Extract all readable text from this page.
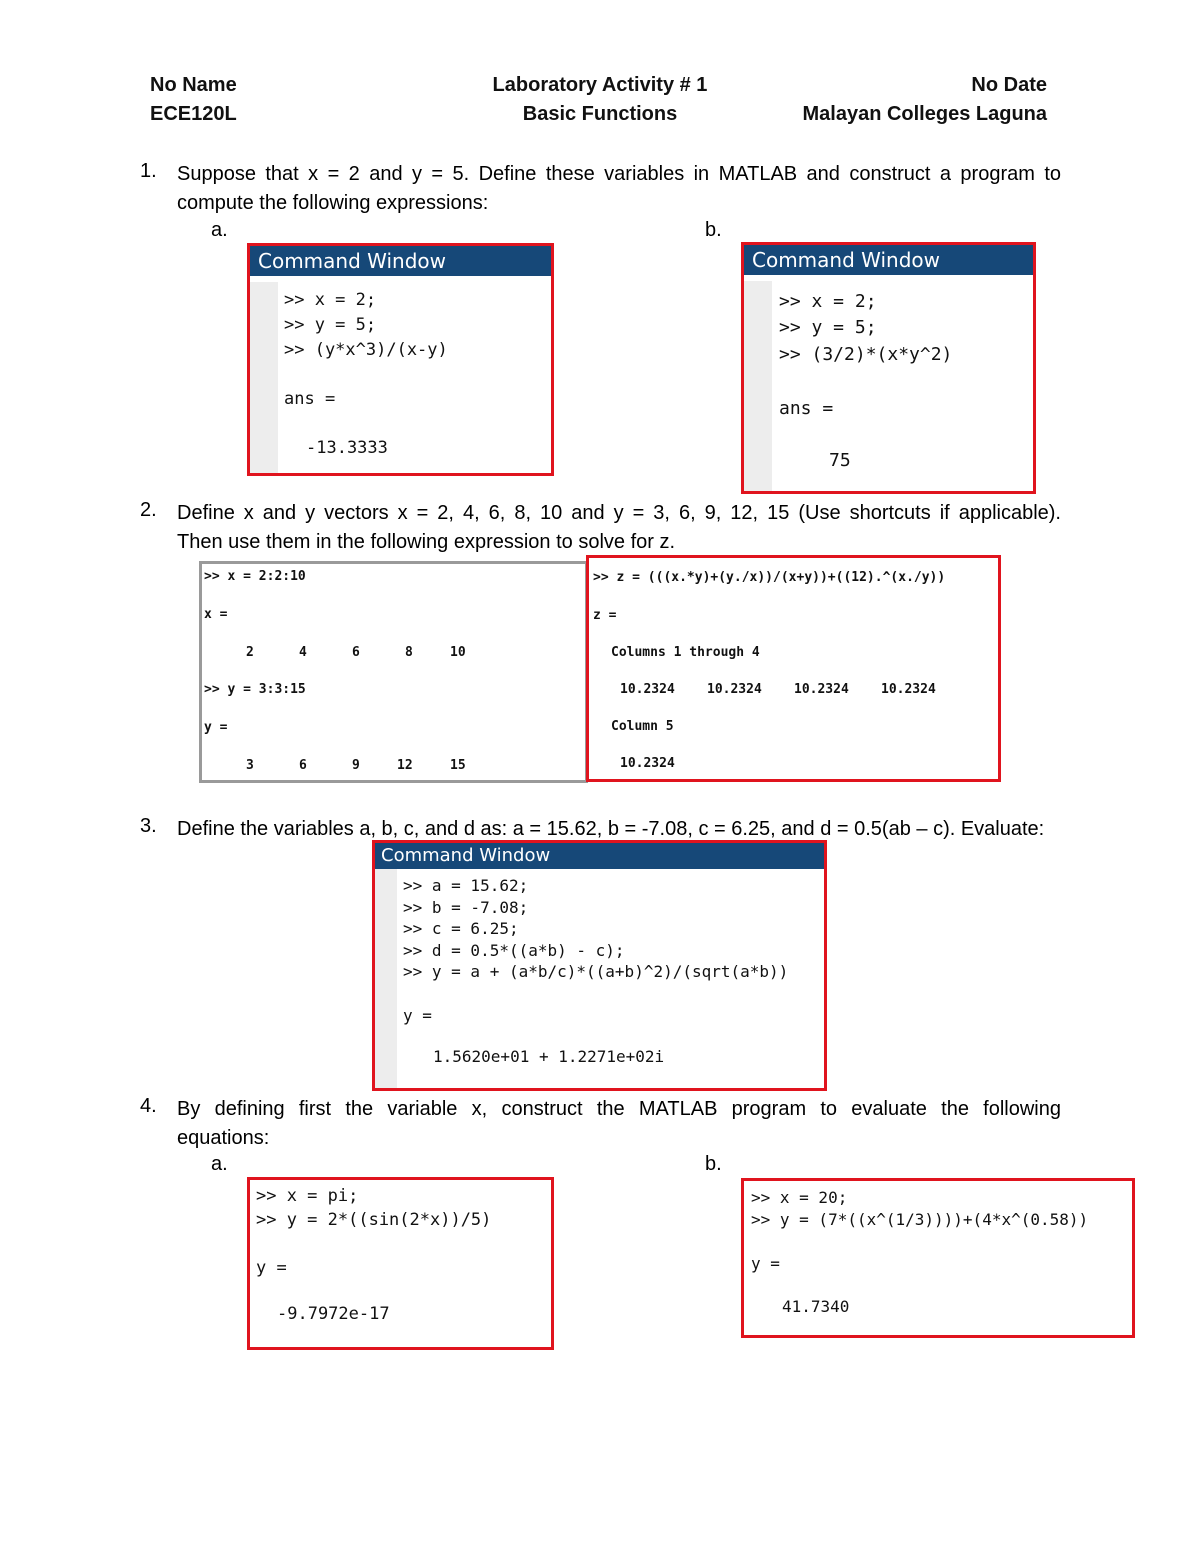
No Name
ECE120L
Laboratory Activity # 1
Basic Functions
No Date
Malayan Colleges Laguna
1. Suppose that x = 2 and y = 5. Define these variables in MATLAB and construct a program to
compute the following expressions:
a.	b.
Command Window
>> x = 2;
>> y = 5;
>> (y*x^3)/(x-y)
ans =
-13.3333
Command Window
>> x = 2;
>> y = 5;
>> (3/2)*(x*y^2)
ans =
75
2. Define x and y vectors x = 2, 4, 6, 8, 10 and y = 3, 6, 9, 12, 15 (Use shortcuts if applicable).
Then use them in the following expression to solve for z.
>> x = 2:2:10
x =
2	4	6	8	10
>> y = 3:3:15
y =
3	6	9	12	15
>> z = (((x.*y)+(y./x))/(x+y))+((12).^(x./y))
z =
Columns 1 through 4
10.2324 10.2324 10.2324 10.2324
Column 5
10.2324
3. Define the variables a, b, c, and d as: a = 15.62, b = -7.08, c = 6.25, and d = 0.5(ab – c). Evaluate:
Command Window
>> a = 15.62;
>> b = -7.08;
>> c = 6.25;
>> d = 0.5*((a*b) - c);
>> y = a + (a*b/c)*((a+b)^2)/(sqrt(a*b))
y =
1.5620e+01 + 1.2271e+02i
4. By defining first the variable x, construct the MATLAB program to evaluate the following
equations:
a.	b.
>> x = pi;
>> y = 2*((sin(2*x))/5)
y =
-9.7972e-17
>> x = 20;
>> y = (7*((x^(1/3))))+(4*x^(0.58))
y =
41.7340
